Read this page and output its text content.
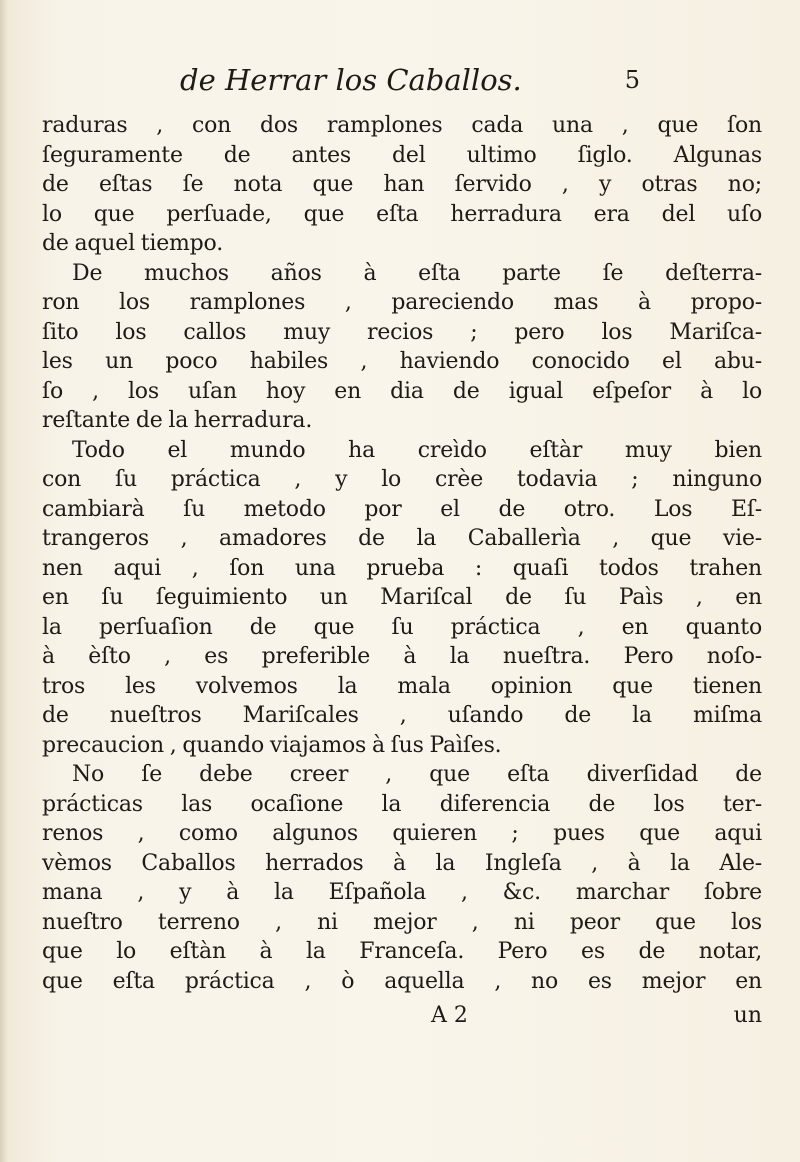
de Herrar los Caballos.	5
raduras , con dos ramplones cada una , que ſon
ſeguramente de antes del ultimo ſiglo. Algunas
de eſtas ſe nota que han ſervido , y otras no;
lo que perſuade, que eſta herradura era del uſo
de aquel tiempo.
De muchos años à eſta parte ſe deſterra-
ron los ramplones , pareciendo mas à propo-
ſito los callos muy recios ; pero los Mariſca-
les un poco habiles , haviendo conocido el abu-
ſo , los uſan hoy en dia de igual eſpeſor à lo
reſtante de la herradura.
Todo el mundo ha creìdo eſtàr muy bien
con ſu práctica , y lo crèe todavia ; ninguno
cambiarà ſu metodo por el de otro. Los Eſ-
trangeros , amadores de la Caballerìa , que vie-
nen aqui , ſon una prueba : quaſi todos trahen
en ſu ſeguimiento un Mariſcal de ſu Paìs , en
la perſuaſion de que ſu práctica , en quanto
à èſto , es preferible à la nueſtra. Pero noſo-
tros les volvemos la mala opinion que tienen
de nueſtros Mariſcales , uſando de la miſma
precaucion , quando viajamos à ſus Paìſes.
No ſe debe creer , que eſta diverſidad de
prácticas las ocaſione la diferencia de los ter-
renos , como algunos quieren ; pues que aqui
vèmos Caballos herrados à la Ingleſa , à la Ale-
mana , y à la Eſpañola , &c. marchar ſobre
nueſtro terreno , ni mejor , ni peor que los
que lo eſtàn à la Franceſa. Pero es de notar,
que eſta práctica , ò aquella , no es mejor en
A 2	un
